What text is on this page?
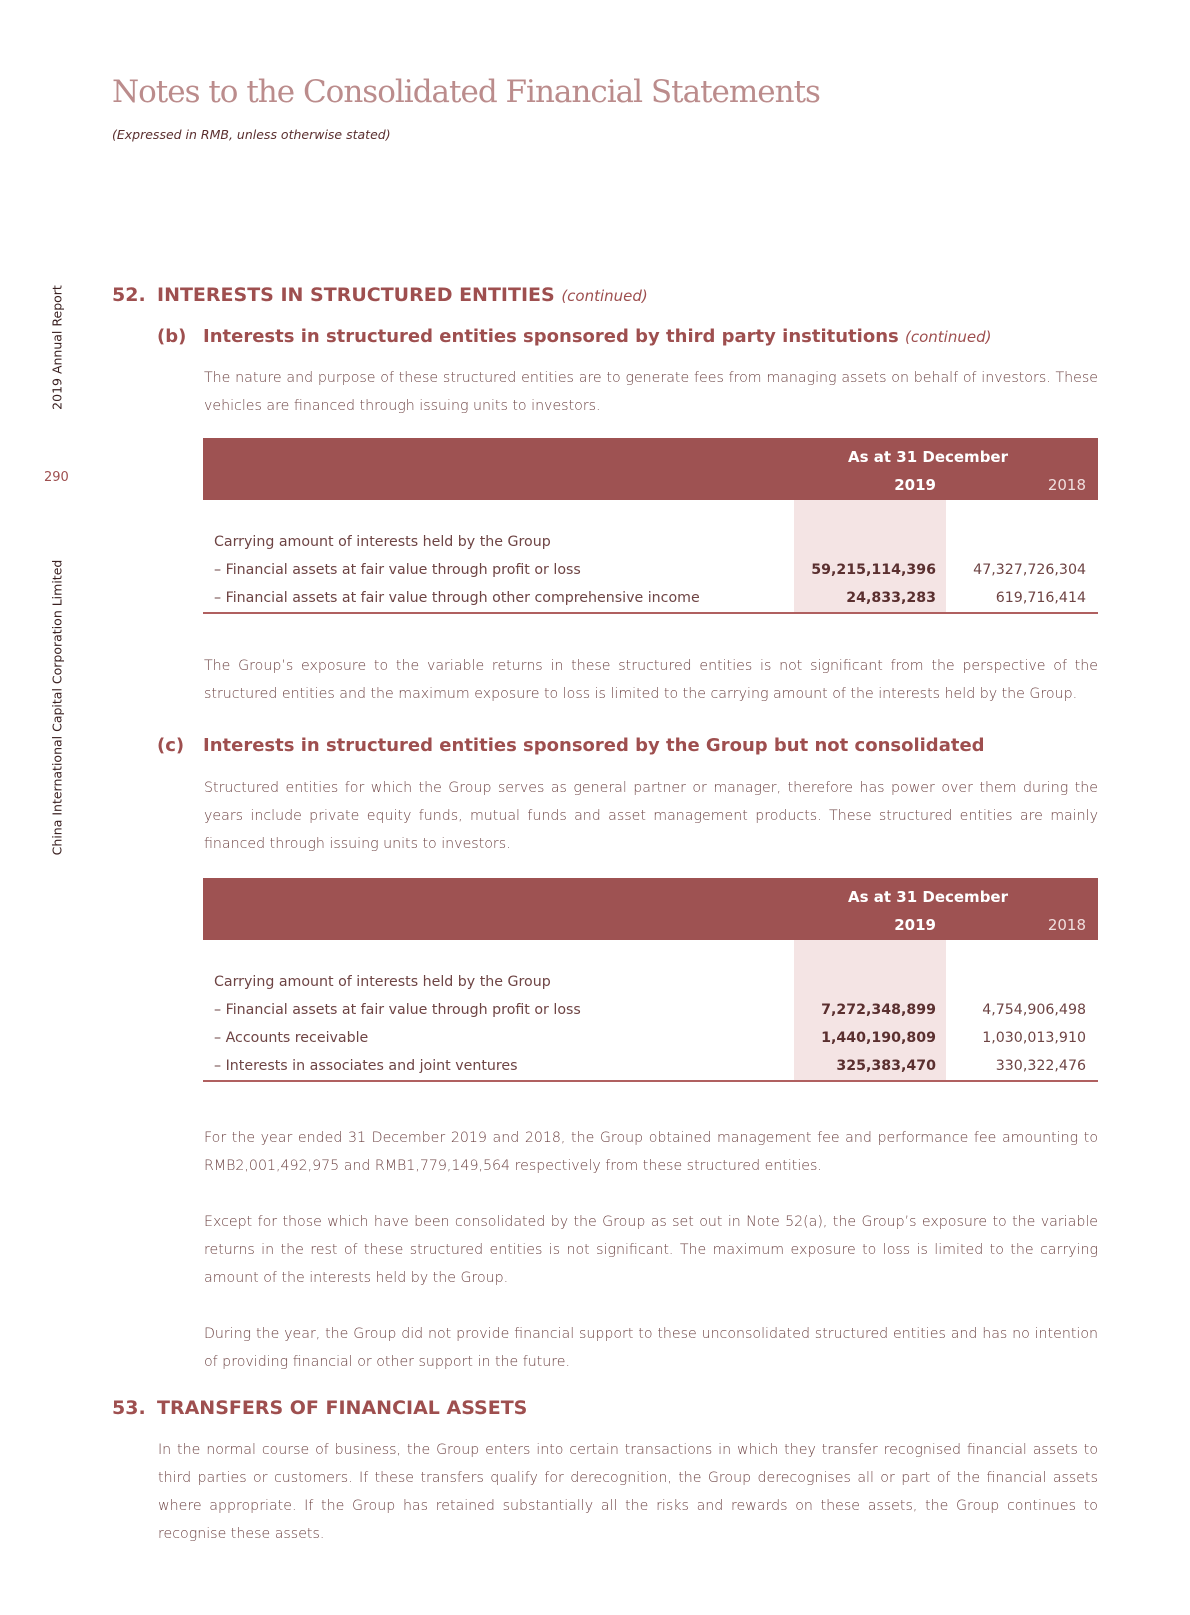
Notes to the Consolidated Financial Statements
(Expressed in RMB, unless otherwise stated)
2019 Annual Report
290
China International Capital Corporation Limited
52. INTERESTS IN STRUCTURED ENTITIES (continued)
(b) Interests in structured entities sponsored by third party institutions (continued)
The nature and purpose of these structured entities are to generate fees from managing assets on behalf of investors. These vehicles are financed through issuing units to investors.
As at 31 December
2019	2018
Carrying amount of interests held by the Group
– Financial assets at fair value through profit or loss	59,215,114,396	47,327,726,304
– Financial assets at fair value through other comprehensive income	24,833,283	619,716,414
The Group’s exposure to the variable returns in these structured entities is not significant from the perspective of the structured entities and the maximum exposure to loss is limited to the carrying amount of the interests held by the Group.
(c) Interests in structured entities sponsored by the Group but not consolidated
Structured entities for which the Group serves as general partner or manager, therefore has power over them during the years include private equity funds, mutual funds and asset management products. These structured entities are mainly financed through issuing units to investors.
As at 31 December
2019	2018
Carrying amount of interests held by the Group
– Financial assets at fair value through profit or loss	7,272,348,899	4,754,906,498
– Accounts receivable	1,440,190,809	1,030,013,910
– Interests in associates and joint ventures	325,383,470	330,322,476
For the year ended 31 December 2019 and 2018, the Group obtained management fee and performance fee amounting to RMB2,001,492,975 and RMB1,779,149,564 respectively from these structured entities.
Except for those which have been consolidated by the Group as set out in Note 52(a), the Group’s exposure to the variable returns in the rest of these structured entities is not significant. The maximum exposure to loss is limited to the carrying amount of the interests held by the Group.
During the year, the Group did not provide financial support to these unconsolidated structured entities and has no intention of providing financial or other support in the future.
53. TRANSFERS OF FINANCIAL ASSETS
In the normal course of business, the Group enters into certain transactions in which they transfer recognised financial assets to third parties or customers. If these transfers qualify for derecognition, the Group derecognises all or part of the financial assets where appropriate. If the Group has retained substantially all the risks and rewards on these assets, the Group continues to recognise these assets.
